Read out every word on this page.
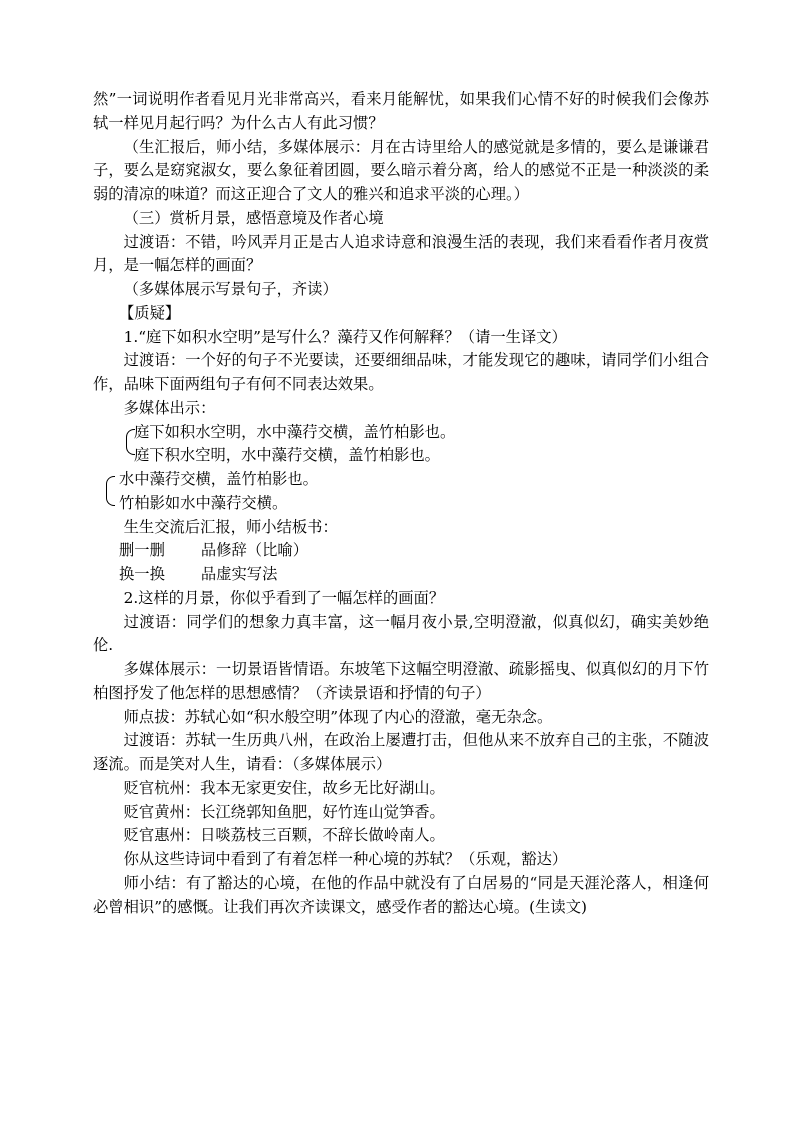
然”一词说明作者看见月光非常高兴，看来月能解忧，如果我们心情不好的时候我们会像苏轼一样见月起行吗？为什么古人有此习惯？

（生汇报后，师小结，多媒体展示：月在古诗里给人的感觉就是多情的，要么是谦谦君子，要么是窈窕淑女，要么象征着团圆，要么暗示着分离，给人的感觉不正是一种淡淡的柔弱的清凉的味道？而这正迎合了文人的雅兴和追求平淡的心理。）

（三）赏析月景，感悟意境及作者心境

过渡语：不错，吟风弄月正是古人追求诗意和浪漫生活的表现，我们来看看作者月夜赏月，是一幅怎样的画面？

（多媒体展示写景句子，齐读）

【质疑】

1.“庭下如积水空明”是写什么？藻荇又作何解释？（请一生译文）

过渡语：一个好的句子不光要读，还要细细品味，才能发现它的趣味，请同学们小组合作，品味下面两组句子有何不同表达效果。

多媒体出示：

庭下如积水空明，水中藻荇交横，盖竹柏影也。

庭下积水空明，水中藻荇交横，盖竹柏影也。

水中藻荇交横，盖竹柏影也。

竹柏影如水中藻荇交横。

生生交流后汇报，师小结板书：

删一删 品修辞（比喻）

换一换 品虚实写法

2.这样的月景，你似乎看到了一幅怎样的画面？

过渡语：同学们的想象力真丰富，这一幅月夜小景,空明澄澈，似真似幻，确实美妙绝伦.

多媒体展示：一切景语皆情语。东坡笔下这幅空明澄澈、疏影摇曳、似真似幻的月下竹柏图抒发了他怎样的思想感情？（齐读景语和抒情的句子）

师点拔：苏轼心如“积水般空明”体现了内心的澄澈，毫无杂念。

过渡语：苏轼一生历典八州，在政治上屡遭打击，但他从来不放弃自己的主张，不随波逐流。而是笑对人生，请看：（多媒体展示）

贬官杭州：我本无家更安住，故乡无比好湖山。

贬官黄州：长江绕郭知鱼肥，好竹连山觉笋香。

贬官惠州：日啖荔枝三百颗，不辞长做岭南人。

你从这些诗词中看到了有着怎样一种心境的苏轼？（乐观，豁达）

师小结：有了豁达的心境，在他的作品中就没有了白居易的“同是天涯沦落人，相逢何必曾相识”的感慨。让我们再次齐读课文，感受作者的豁达心境。(生读文)
